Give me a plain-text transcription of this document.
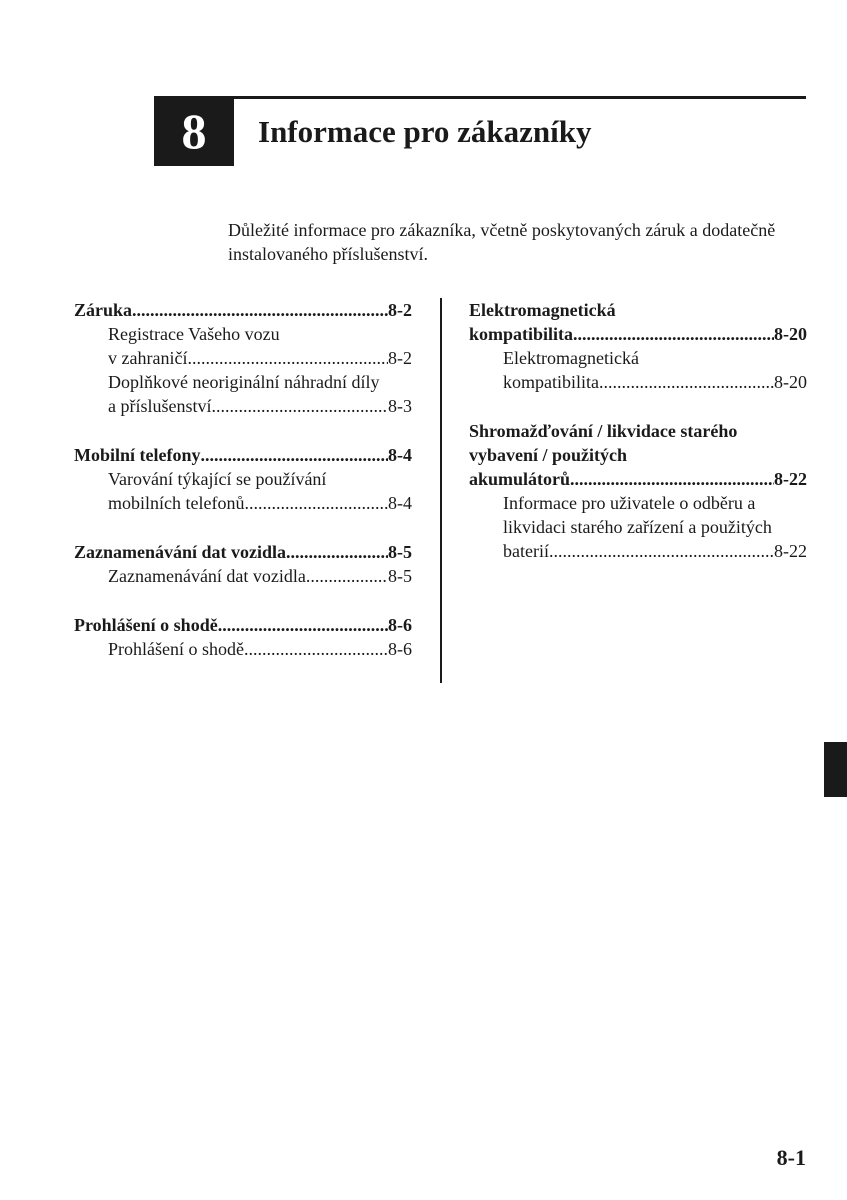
8	Informace pro zákazníky
Důležité informace pro zákazníka, včetně poskytovaných záruk a dodatečně instalovaného příslušenství.
Záruka .....	8-2
Registrace Vašeho vozu
v zahraničí .....	8-2
Doplňkové neoriginální náhradní díly
a příslušenství .....	8-3
Mobilní telefony .....	8-4
Varování týkající se používání
mobilních telefonů .....	8-4
Zaznamenávání dat vozidla .....	8-5
Zaznamenávání dat vozidla .....	8-5
Prohlášení o shodě .....	8-6
Prohlášení o shodě .....	8-6
Elektromagnetická
kompatibilita .....	8-20
Elektromagnetická
kompatibilita .....	8-20
Shromažďování / likvidace starého vybavení / použitých
akumulátorů .....	8-22
Informace pro uživatele o odběru a likvidaci starého zařízení a použitých
baterií .....	8-22
8-1
